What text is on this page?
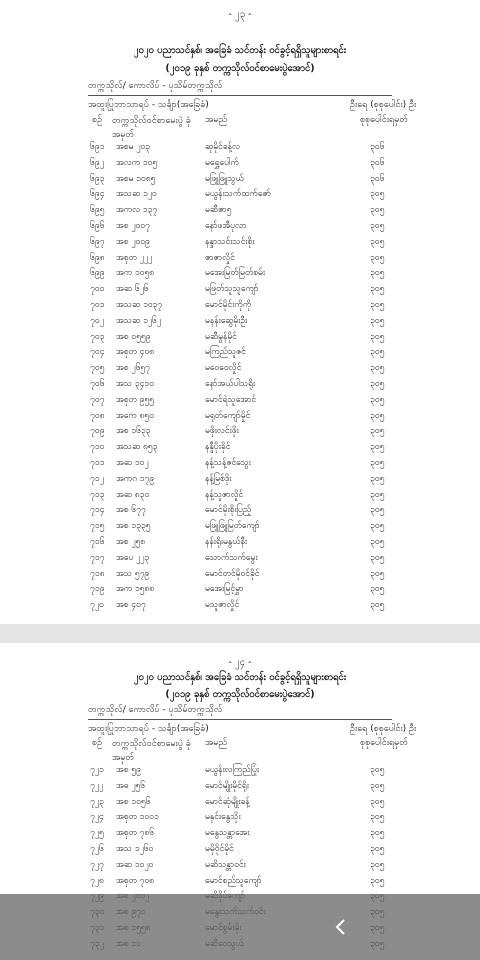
- ၂၃ -
၂၀၂၀ ပညာသင်နှစ်၊ အခြေခံ သင်တန်း ဝင်ခွင့်ရရှိသူများစာရင်း
(၂၀၁၉ ခုနှစ် တက္ကသိုလ်ဝင်စာမေးပွဲအောင်)
တက္ကသိုလ်/ ကောလိပ် - ပုသိမ်တက္ကသိုလ်
အထူးပြုဘာသာရပ် - သင်္ချာ(အခြေခံ)	ဦးရေ (စုစုပေါင်း) ဦး
စဉ် တက္ကသိုလ်ဝင်စာမေးပွဲ ခုံအမှတ်
အမည်	စုစုပေါင်းရမှတ်
၆၉၁ အစမ ၂၀၃	ဆုမိုင်ခန့်လ	၃၀၆
၆၉၂ အလက ၁၀၅	မရွှေပေါက်	၃၀၆
၆၉၃ အစမ ၁၀၈၅	မဖြူဖြူသွယ်	၃၀၆
၆၉၄ အသဆ ၁၂၀	မယွန်းသက်ထက်ဇော်	၃၀၅
၆၉၅ အကလ ၁၃၇	မဆီဇာ၅	၃၀၅
၆၉၆ အစ ၂၀၀၇	နော်ဖအီပုလာ	၃၀၅
၆၉၇ အစ ၂၀၀၉	နန္ဒာသင်းသင်းစိုး	၃၀၅
၆၉၈ အစုတ ၂၂၂	ဇာဇာလှိုင်	၃၀၅
၆၉၉ အက ၁၀၅၈	မအေးမြတ်မြတ်စမ်း	၃၀၅
၇၀၀ အဆ ၆၂၆	မဖြတ်သူသူကျော်	၃၀၅
၇၀၁ အသဆ ၁၀၃၇	မောင်မိုင်းကိုကို	၃၀၅
၇၀၂ အသဆ ၁၂၆၂	မနန်းဆွေမိုးဦး	၃၀၅
၇၀၃ အစ ၀၅၅၉	မဆီမွန်မိုင်	၃၀၅
၇၀၄ အစုတ ၄၀၈	မကြည်သူဇင်	၃၀၅
၇၀၅ အစ ၂၆၅၇	မဝေဝေလှိုင်	၃၀၅
၇၀၆ အသ ၃၄၁၀	နော်အယ်ပါသရိုး	၃၀၅
၇၀၇ အစုတ ၉၅၅	မောင်ရဲသူအောင်	၃၀၅
၇၀၈ အကေ ၈၅၀	မရုတ်ကျော်မှိုင်	၃၀၅
၇၀၉ အစ ၁၆၃၃	မဖိုးလင်းဖိုး	၃၀၅
၇၁၀ အသဆ ၈၅၃	နန္ဒီပိုးခိုင်	၃၀၅
၇၁၁ အဆ ၁၀၂	နန့်သန့်ဇင်သွေး	၃၀၅
၇၁၂ အကဂ ၁၇၉	နန့်မြစ်ဒိုး	၃၀၅
၇၁၃ အဆ ၈၃၀	နန့်သူဇာလှိုင်	၃၀၅
၇၁၄ အစ ၆၇၇	မောင်မိုးစိုးပြည့်	၃၀၅
၇၁၅ အစ ၁၃၃၅	မဖြူဖြူမြတ်ကျော်	၃၀၅
၇၁၆ အစ ၂၅၈	နန်းရိုးမနွယ်နီး	၃၀၅
၇၁၇ အပေ ၂၂၃	သောက်သက်မွေး	၃၀၅
၇၁၈ အသ ၅၇၉	မောင်တင်မိုဝင်ခိုင်	၃၀၅
၇၁၉ အက ၁၅၈၈	မအေးမြင့်မွှာ	၃၀၅
၇၂၀ အစ ၄၀၇	မသူဇာလှိုင်	၃၀၅
- ၂၄ -
၂၀၂၀ ပညာသင်နှစ်၊ အခြေခံ သင်တန်း ဝင်ခွင့်ရရှိသူများစာရင်း
(၂၀၁၉ ခုနှစ် တက္ကသိုလ်ဝင်စာမေးပွဲအောင်)
တက္ကသိုလ်/ ကောလိပ် - ပုသိမ်တက္ကသိုလ်
အထူးပြုဘာသာရပ် - သင်္ချာ(အခြေခံ)	ဦးရေ (စုစုပေါင်း) ဦး
စဉ် တက္ကသိုလ်ဝင်စာမေးပွဲ ခုံအမှတ်
အမည်	စုစုပေါင်းရမှတ်
၇၂၁ အစ ၅၉	မယွန်းလကြည်ပြုံး	၃၀၅
၇၂၂ အဓ ၂၅၆	မောင်မျိုးမိုင်ရိုး	၃၀၅
၇၂၃ အစ ၁၀၅၆	မောင်ဆုံမျိုးခန့်	၃၀၅
၇၂၄ အစုတ ၁၀၀၁	မနှင်းနွေသိုး	၃၀၅
၇၂၅ အစုတ ၇၈၆	မနွေသန္တာအေး	၃၀၅
၇၂၆ အသ ၁၂၆၀	မမိုဝိုင်မိုင်	၃၀၅
၇၂၇ အဆ ၁၀၂၀	မဆိသန္တာဝင်း	၃၀၅
၇၂၈ အစုတ ၇၀၈	မောင်စည်သူကျော်	၃၀၅
